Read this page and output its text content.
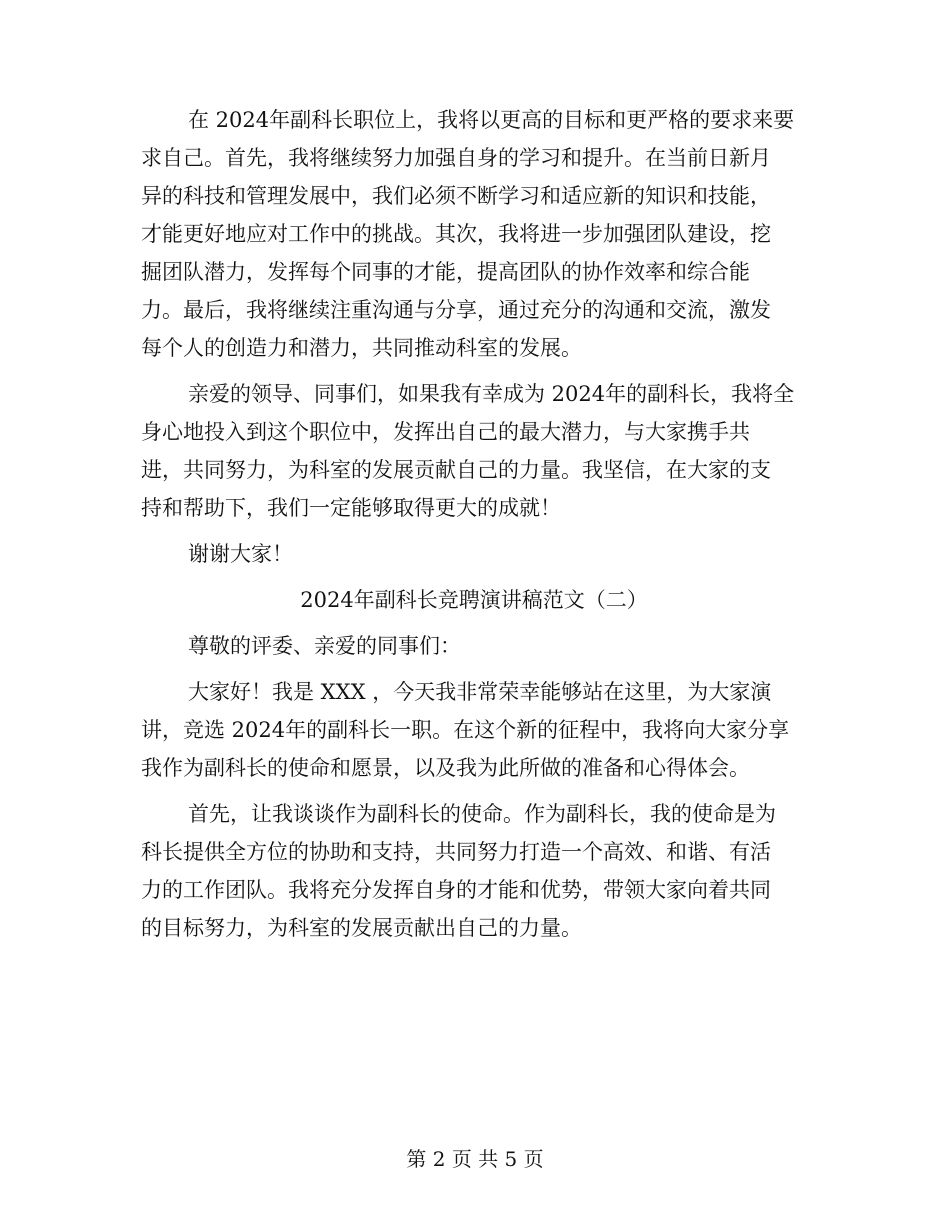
在 2024年副科长职位上，我将以更高的目标和更严格的要求来要
求自己。首先，我将继续努力加强自身的学习和提升。在当前日新月
异的科技和管理发展中，我们必须不断学习和适应新的知识和技能，
才能更好地应对工作中的挑战。其次，我将进一步加强团队建设，挖
掘团队潜力，发挥每个同事的才能，提高团队的协作效率和综合能
力。最后，我将继续注重沟通与分享，通过充分的沟通和交流，激发
每个人的创造力和潜力，共同推动科室的发展。
亲爱的领导、同事们，如果我有幸成为 2024年的副科长，我将全
身心地投入到这个职位中，发挥出自己的最大潜力，与大家携手共
进，共同努力，为科室的发展贡献自己的力量。我坚信，在大家的支
持和帮助下，我们一定能够取得更大的成就！
谢谢大家！
2024年副科长竞聘演讲稿范文（二）
尊敬的评委、亲爱的同事们：
大家好！我是 XXX ，今天我非常荣幸能够站在这里，为大家演
讲，竞选 2024年的副科长一职。在这个新的征程中，我将向大家分享
我作为副科长的使命和愿景，以及我为此所做的准备和心得体会。
首先，让我谈谈作为副科长的使命。作为副科长，我的使命是为
科长提供全方位的协助和支持，共同努力打造一个高效、和谐、有活
力的工作团队。我将充分发挥自身的才能和优势，带领大家向着共同
的目标努力，为科室的发展贡献出自己的力量。
第 2 页 共 5 页
